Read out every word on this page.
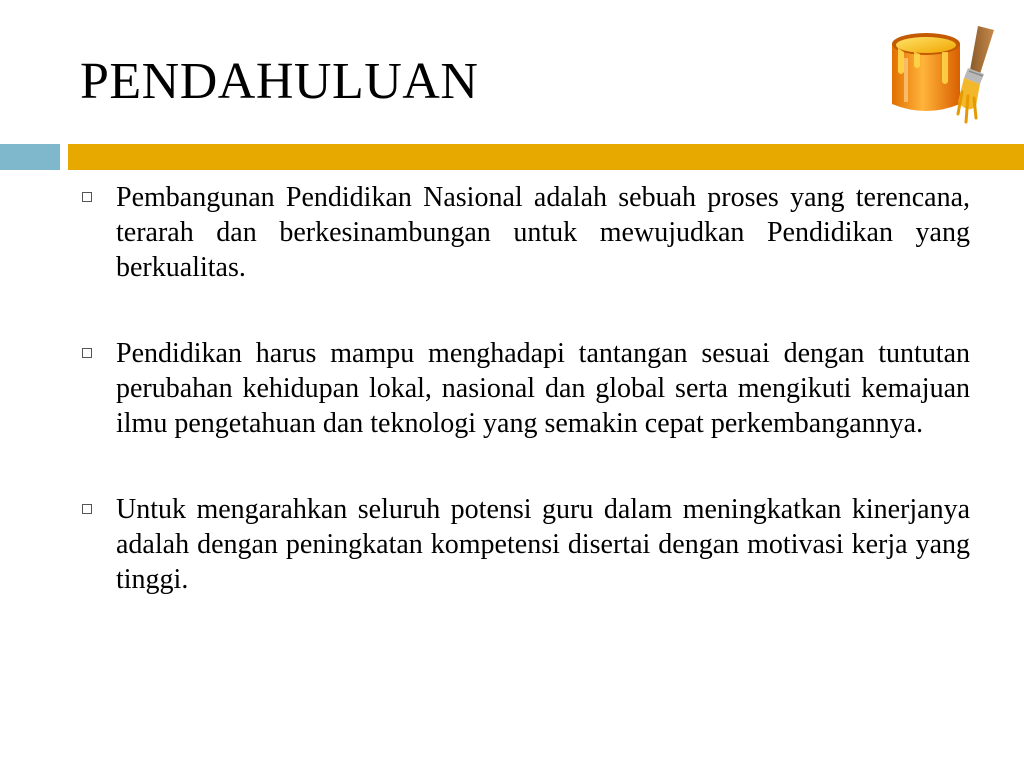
PENDAHULUAN
Pembangunan Pendidikan Nasional adalah sebuah proses yang terencana, terarah dan berkesinambungan untuk mewujudkan Pendidikan yang berkualitas.
Pendidikan harus mampu menghadapi tantangan sesuai dengan tuntutan perubahan kehidupan lokal, nasional dan global serta mengikuti kemajuan ilmu pengetahuan dan teknologi yang semakin cepat perkembangannya.
Untuk mengarahkan seluruh potensi guru dalam meningkatkan kinerjanya adalah dengan peningkatan kompetensi disertai dengan motivasi kerja yang tinggi.
